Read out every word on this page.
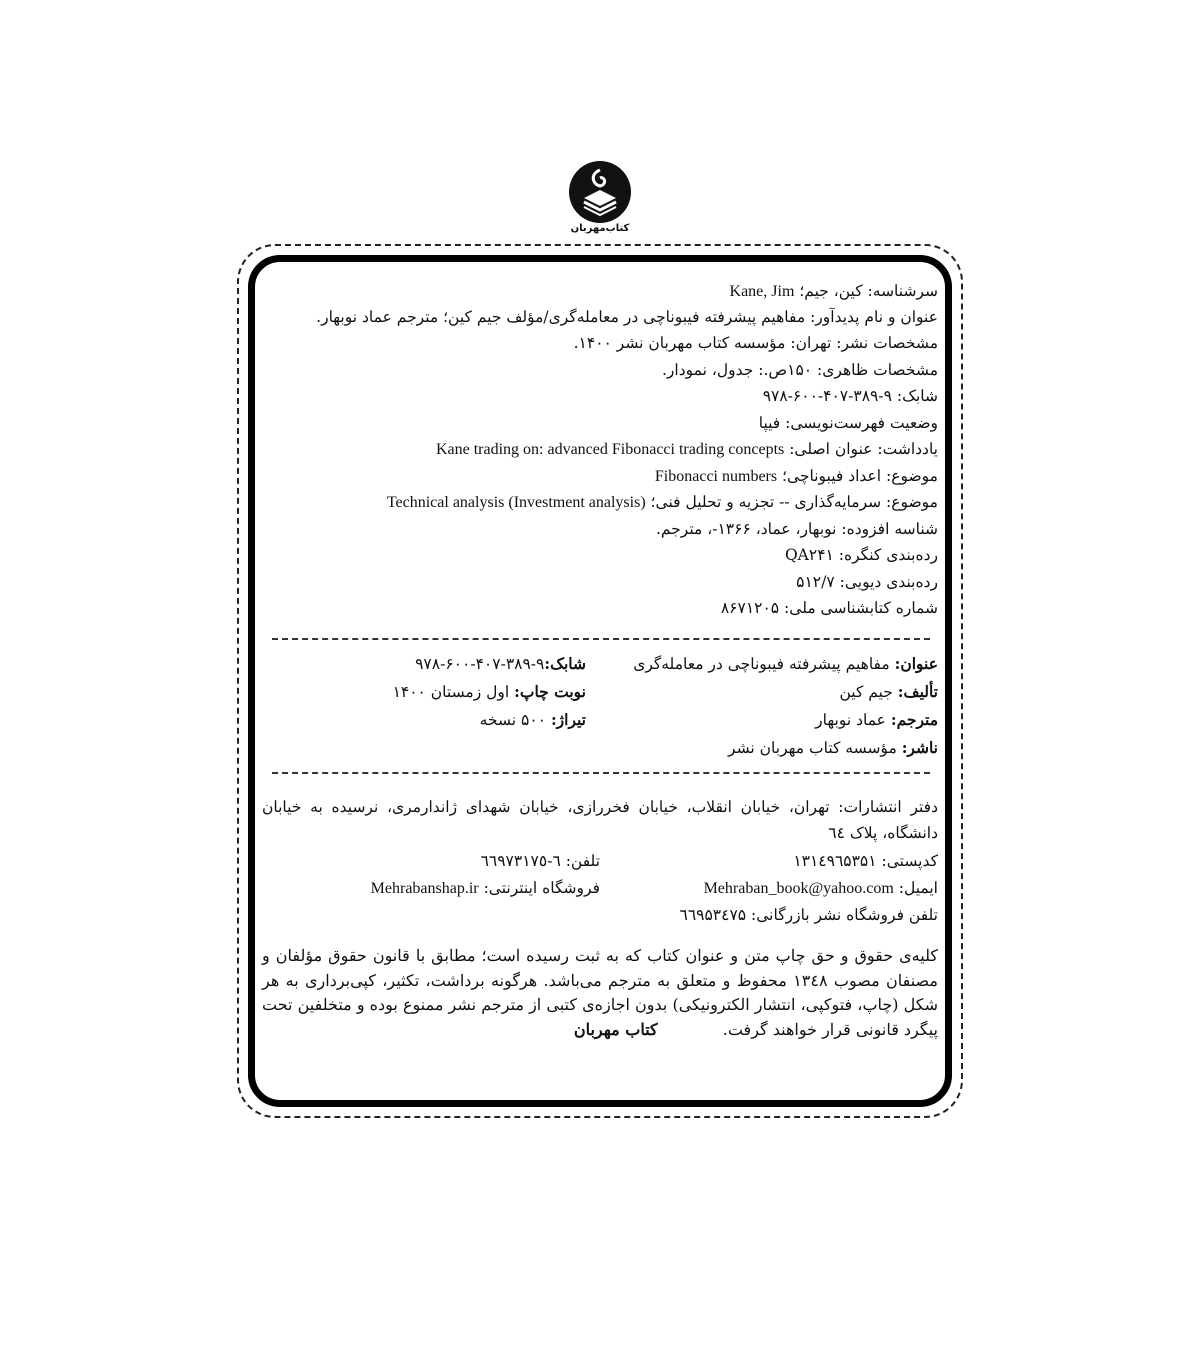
کتاب‌مهربان
سرشناسه: کین، جیم؛ Kane, Jim
عنوان و نام پدیدآور: مفاهیم پیشرفته فیبوناچی در معامله‌گری/مؤلف جیم کین؛ مترجم عماد نوبهار.
مشخصات نشر: تهران: مؤسسه کتاب مهربان نشر ۱۴۰۰.
مشخصات ظاهری: ۱۵۰ص.: جدول، نمودار.
شابک: ۹-۳۸۹-۴۰۷-۶۰۰-۹۷۸
وضعیت فهرست‌نویسی: فیپا
یادداشت: عنوان اصلی: Kane trading on: advanced Fibonacci trading concepts
موضوع: اعداد فیبوناچی؛ Fibonacci numbers
موضوع: سرمایه‌گذاری -- تجزیه و تحلیل فنی؛ Technical analysis (Investment analysis)
شناسه افزوده: نوبهار، عماد، ۱۳۶۶-، مترجم.
رده‌بندی کنگره: QA۲۴۱
رده‌بندی دیویی: ۵۱۲/۷
شماره کتابشناسی ملی: ۸۶۷۱۲۰۵
عنوان: مفاهیم پیشرفته فیبوناچی در معامله‌گری
تألیف: جیم کین
مترجم: عماد نوبهار
ناشر: مؤسسه کتاب مهربان نشر
شابک:۹-۳۸۹-۴۰۷-۶۰۰-۹۷۸
نوبت چاپ: اول زمستان ۱۴۰۰
تیراژ: ۵۰۰ نسخه
دفتر انتشارات: تهران، خیابان انقلاب، خیابان فخررازی، خیابان شهدای ژاندارمری، نرسیده به خیابان دانشگاه، پلاک ٦٤
کدپستی: ۱۳۱٤۹٦۵۳۵۱
تلفن: ٦-٦٦٩٧٣١٧٥
ایمیل: Mehraban_book@yahoo.com
فروشگاه اینترنتی: Mehrabanshap.ir
تلفن فروشگاه نشر بازرگانی: ٦٦٩۵٣٤٧۵
کلیه‌ی حقوق و حق چاپ متن و عنوان کتاب که به ثبت رسیده است؛ مطابق با قانون حقوق مؤلفان و مصنفان مصوب ۱۳٤۸ محفوظ و متعلق به مترجم می‌باشد. هرگونه برداشت، تکثیر، کپی‌برداری به هر شکل (چاپ، فتوکپی، انتشار الکترونیکی) بدون اجازه‌ی کتبی از مترجم نشر ممنوع بوده و متخلفین تحت پیگرد قانونی قرار خواهند گرفت. کتاب مهربان
